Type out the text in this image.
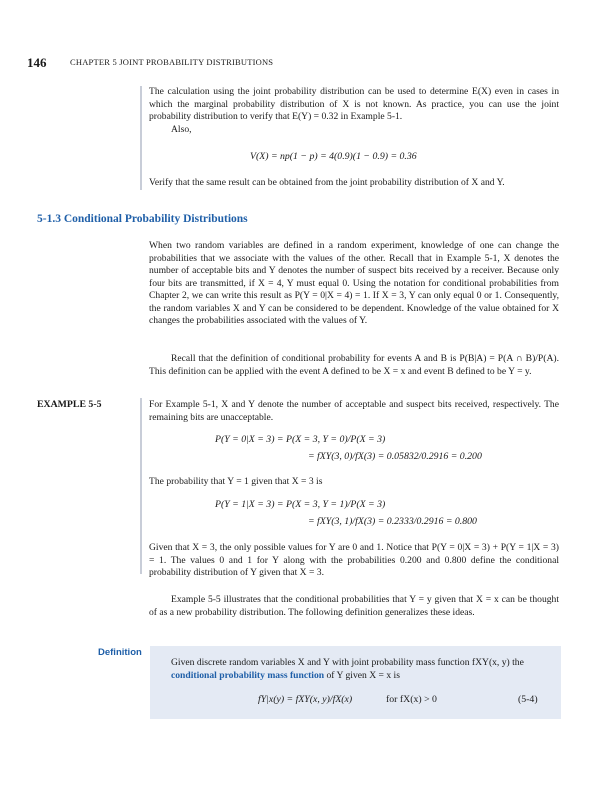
146	CHAPTER 5 JOINT PROBABILITY DISTRIBUTIONS

The calculation using the joint probability distribution can be used to determine E(X) even in cases in which the marginal probability distribution of X is not known. As practice, you can use the joint probability distribution to verify that E(Y) = 0.32 in Example 5-1.

Also,

V(X) = np(1 − p) = 4(0.9)(1 − 0.9) = 0.36

Verify that the same result can be obtained from the joint probability distribution of X and Y.

5-1.3 Conditional Probability Distributions

When two random variables are defined in a random experiment, knowledge of one can change the probabilities that we associate with the values of the other. Recall that in Example 5-1, X denotes the number of acceptable bits and Y denotes the number of suspect bits received by a receiver. Because only four bits are transmitted, if X = 4, Y must equal 0. Using the notation for conditional probabilities from Chapter 2, we can write this result as P(Y = 0|X = 4) = 1. If X = 3, Y can only equal 0 or 1. Consequently, the random variables X and Y can be considered to be dependent. Knowledge of the value obtained for X changes the probabilities associated with the values of Y.

Recall that the definition of conditional probability for events A and B is P(B|A) = P(A ∩ B)/P(A). This definition can be applied with the event A defined to be X = x and event B defined to be Y = y.

EXAMPLE 5-5	For Example 5-1, X and Y denote the number of acceptable and suspect bits received, respectively. The remaining bits are unacceptable.

P(Y = 0|X = 3) = P(X = 3, Y = 0)/P(X = 3)
= fXY(3, 0)/fX(3) = 0.05832/0.2916 = 0.200

The probability that Y = 1 given that X = 3 is

P(Y = 1|X = 3) = P(X = 3, Y = 1)/P(X = 3)
= fXY(3, 1)/fX(3) = 0.2333/0.2916 = 0.800

Given that X = 3, the only possible values for Y are 0 and 1. Notice that P(Y = 0|X = 3) + P(Y = 1|X = 3) = 1. The values 0 and 1 for Y along with the probabilities 0.200 and 0.800 define the conditional probability distribution of Y given that X = 3.

Example 5-5 illustrates that the conditional probabilities that Y = y given that X = x can be thought of as a new probability distribution. The following definition generalizes these ideas.

Definition

Given discrete random variables X and Y with joint probability mass function fXY(x, y) the conditional probability mass function of Y given X = x is

fY|x(y) = fXY(x, y)/fX(x)	for fX(x) > 0	(5-4)
